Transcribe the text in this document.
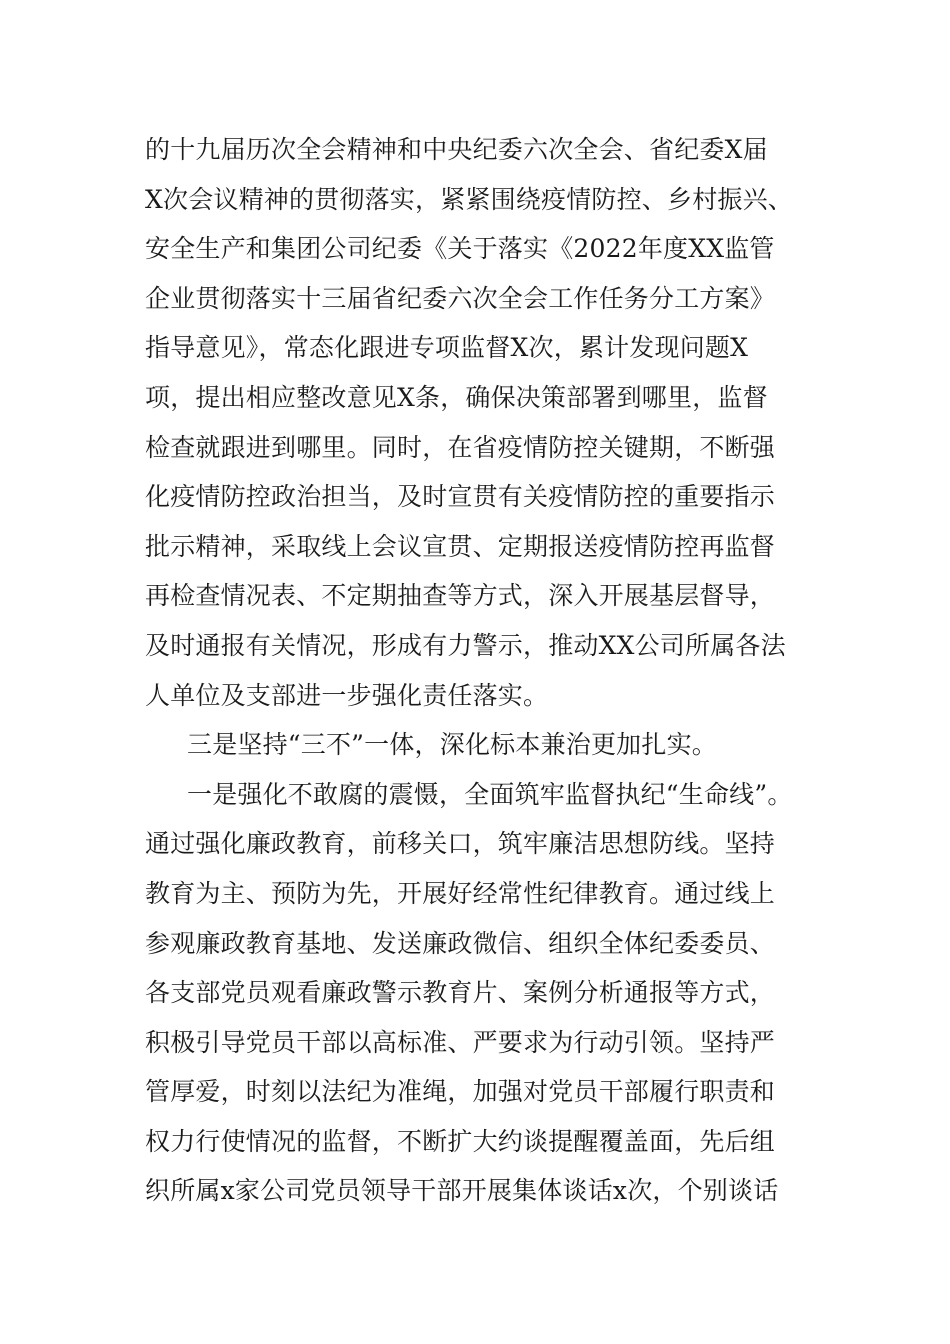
的十九届历次全会精神和中央纪委六次全会、省纪委X届
X次会议精神的贯彻落实，紧紧围绕疫情防控、乡村振兴、
安全生产和集团公司纪委《关于落实《2022年度XX监管
企业贯彻落实十三届省纪委六次全会工作任务分工方案》
指导意见》，常态化跟进专项监督X次，累计发现问题X
项，提出相应整改意见X条，确保决策部署到哪里，监督
检查就跟进到哪里。同时，在省疫情防控关键期，不断强
化疫情防控政治担当，及时宣贯有关疫情防控的重要指示
批示精神，采取线上会议宣贯、定期报送疫情防控再监督
再检查情况表、不定期抽查等方式，深入开展基层督导，
及时通报有关情况，形成有力警示，推动XX公司所属各法
人单位及支部进一步强化责任落实。
三是坚持“三不”一体，深化标本兼治更加扎实。
一是强化不敢腐的震慑，全面筑牢监督执纪“生命线”。
通过强化廉政教育，前移关口，筑牢廉洁思想防线。坚持
教育为主、预防为先，开展好经常性纪律教育。通过线上
参观廉政教育基地、发送廉政微信、组织全体纪委委员、
各支部党员观看廉政警示教育片、案例分析通报等方式，
积极引导党员干部以高标准、严要求为行动引领。坚持严
管厚爱，时刻以法纪为准绳，加强对党员干部履行职责和
权力行使情况的监督，不断扩大约谈提醒覆盖面，先后组
织所属x家公司党员领导干部开展集体谈话x次，个别谈话
